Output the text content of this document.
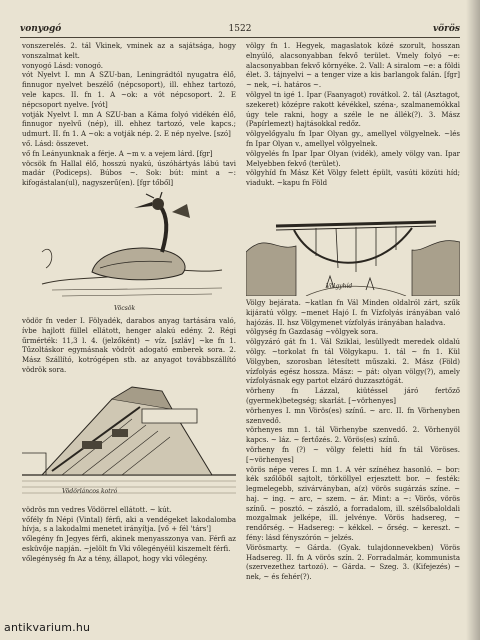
vonyogó	1522	vörös

vonszerelés. 2. tál Vkinek, vminek az a sajátsága, hogy vonszalmat kelt.

vonyogó Lásd: vonogó.

vót Nyelvt I. mn A SZU-ban, Leningrádtól nyugatra élő, finnugor nyelvet beszélő (népcsoport), ill. ehhez tartozó, vele kapcs. II. fn 1. A ~ok: a vót népcsoport. 2. E népcsoport nyelve. [vót]

votják Nyelvt I. mn A SZU-ban a Káma folyó vidékén élő, finnugor nyelvű (nép), ill. ehhez tartozó, vele kapcs.; udmurt. II. fn 1. A ~ok: a votják nép. 2. E nép nyelve. [szó]

vő. Lásd: összevet.

vő fn Leányunknak a férje. A ~m v. a vejem lárd. [fgr]

vöcsök fn Hallal élő, hosszú nyakú, úszóhártyás lábú tavi madár (Podiceps). Búbos ~. Sok: bút: mint a ~: kifogástalan(ul), nagyszerű(en). [fgr tőből]

Vöcsök

vödör fn veder I. Fölyadék, darabos anyag tartására való, ívbe hajlott füllel ellátott, henger alakú edény. 2. Régi űrmérték: 11,3 l. 4. (jelzőként) ~ víz. [szláv] ~ke fn 1. Tűzoltáskor egymásnak vödröt adogató emberek sora. 2. Mász Szállító, kotrógépen stb. az anyagot továbbszállító vödrök sora.

Vödörláncos kotró

vödrös mn vedres Vödörrel ellátott. ~ kút.

vőfély fn Népi (Vintal) férfi, aki a vendégeket lakodalomba hívja, s a lakodalmi menetet irányítja. [vő + fél 'társ']

vőlegény fn Jegyes férfi, akinek menyasszonya van. Férfi az esküvője napján. ~jelölt fn Vki vőlegényéül kiszemelt férfi.

vőlegénység fn Az a tény, állapot, hogy vki vőlegény.

völgy fn 1. Hegyek, magaslatok közé szorult, hosszan elnyúló, alacsonyabban fekvő terület. Vmely folyó ~e: alacsonyabban fekvő környéke. 2. Vall: A siralom ~e: a földi élet. 3. tájnyelvi ~ a tenger vize a kis barlangok falán. [fgr] ~ nek, ~i. határos ~.

völgyel tn igé 1. Ipar (Faanyagot) rovátkol. 2. tál (Asztagot, szekeret) középre rakott kévékkel, széna-, szalmanemókkal úgy tele rakni, hogy a széle le ne állék(?). 3. Mász (Papírlemezt) hajtásokkal redőz.

völgyelőgyalu fn Ipar Olyan gy., amellyel völgyelnek. ~lés fn Ipar Olyan v., amellyel völgyelnek.

völgyelés fn Ipar Ipar Olyan (vidék), amely völgy van. Ipar Melyebben fekvő (terület).

völgyhíd fn Mász Két Völgy felett épült, vasúti közúti híd; viadukt. ~kapu fn Föld

Völgyhíd

Völgy bejárata. ~katlan fn Vál Minden oldalról zárt, szűk kijáratú völgy. ~menet Hajó I. fn Vízfolyás irányában való hajózás. II. hsz Völgymenet vízfolyás irányában haladva.

völgység fn Gazdaság ~völgyek sora.

völgyzáró gát fn 1. Vál Sziklai, lesüllyedt meredek oldalú völgy. ~torkolat fn tál Völgykapu. 1. tál ~ fn 1. Kül Völgyben, szorosban létesített műszaki. 2. Mász (Föld) vízfolyás egész hossza. Mász: ~ pát: olyan völgy(?), amely vízfolyásnak egy partot elzáró duzzasztógát.

vörheny fn Lázzal, kiütéssel járó fertőző (gyermek)betegség; skarlát. [~vörhenyes]

vörhenyes I. mn Vörös(es) színű. ~ arc. II. fn Vörhenyben szenvedő.

vörhenyes mn 1. tál Vörhenybe szenvedő. 2. Vörhenyöl kapcs. ~ láz. ~ fertőzés. 2. Vörös(es) színű.

vörheny fn (?) ~ völgy feletti híd fn tál Vöröses. [~vörhenyes]

vörös népe veres I. mn 1. A vér színéhez hasonló. ~ bor: kék szőlőből sajtolt, törköllyel erjesztett bor. ~ festék: legmelegebb, szivárványban, a(z) vörös sugárzás színe. ~ haj. ~ ing. ~ arc, ~ szem. ~ ár. Mint: a ~: Vörös, vörös színű. ~ posztó. ~ zászló, a forradalom, ill. szélsőbaloldali mozgalmak jelképe, ill. jelvénye. Vörös hadsereg, ~ rendőrség. ~ Hadsereg: ~ kékkel. ~ őrség. ~ kereszt. ~ fény: lásd fényszórón ~ jelzés.

Vörösmarty. ~ Gárda. (Gyak. tulajdonnevekben) Vörös Hadsereg. II. fn A vörös szín. 2. Forradalmár, kommunista (szervezethez tartozó). ~ Gárda. ~ Szeg. 3. (Kifejezés) ~ nek, ~ és fehér(?).

antikvarium.hu
